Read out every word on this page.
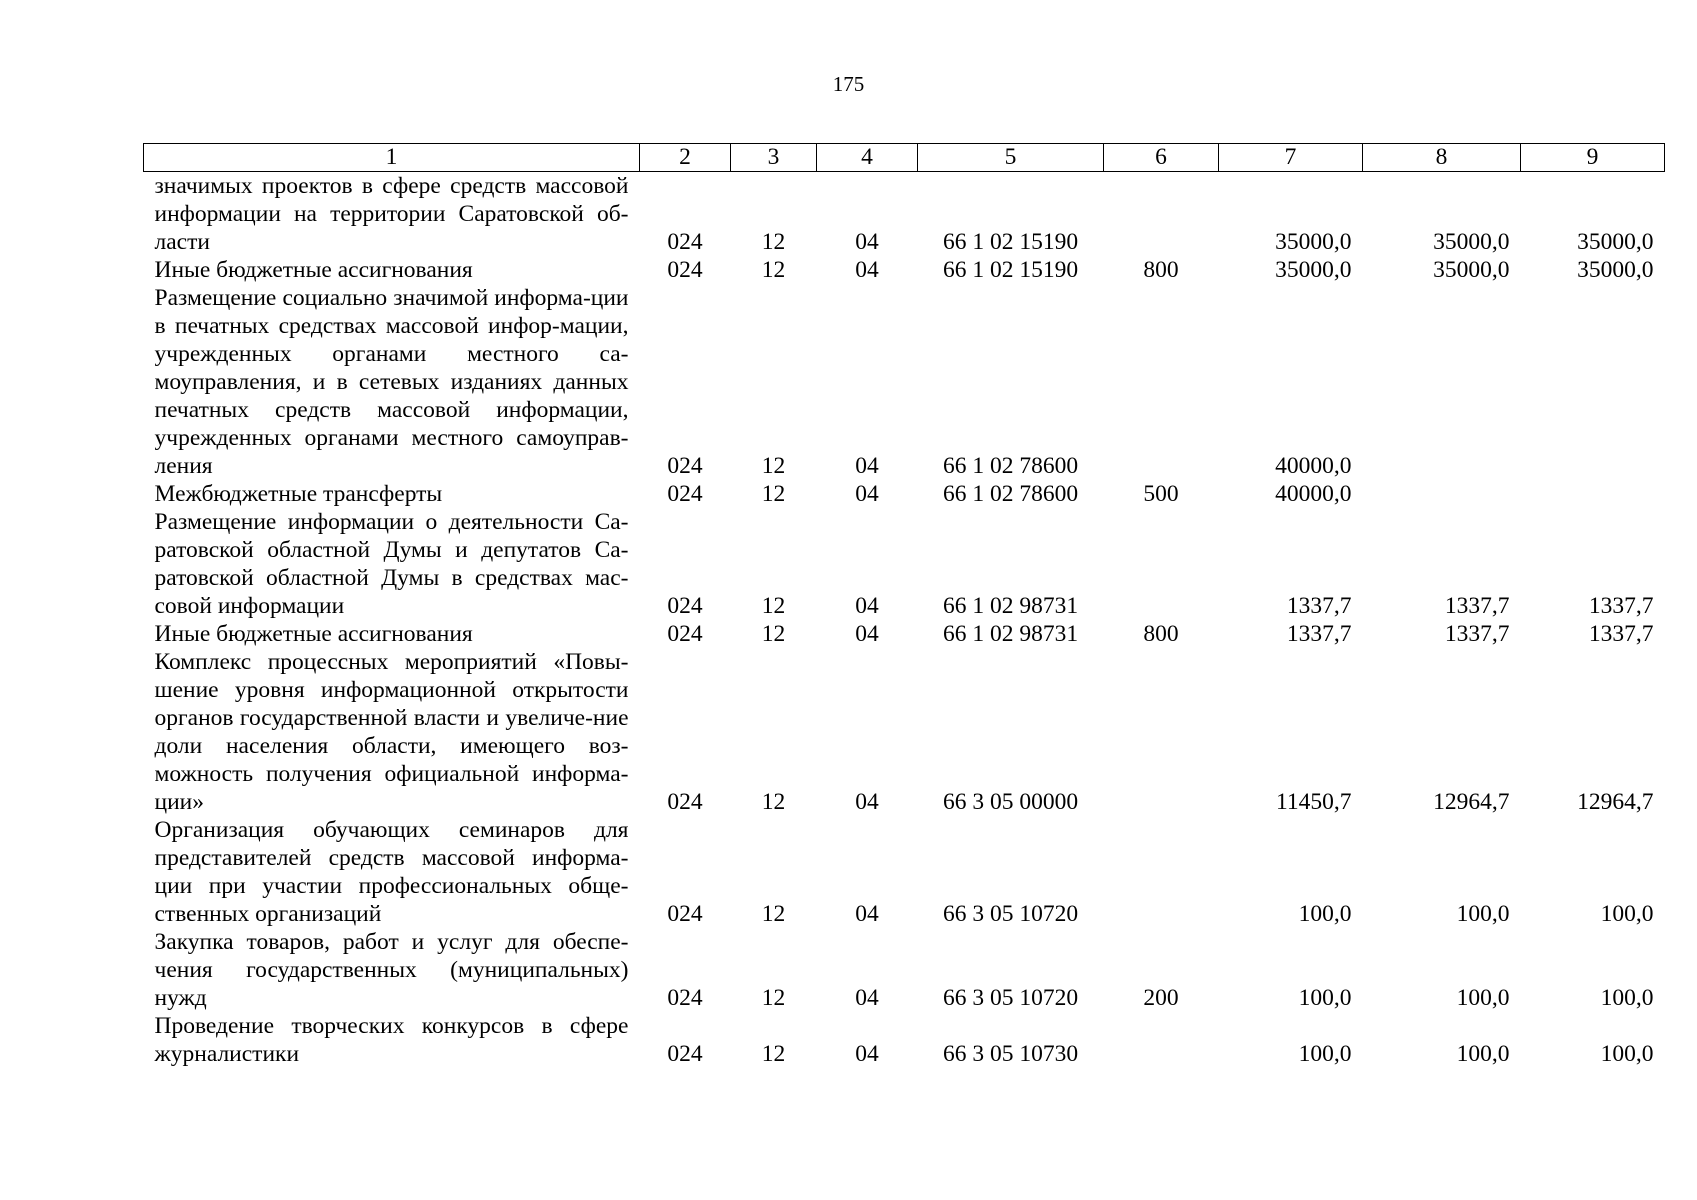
175
1	2	3	4	5	6	7	8	9
значимых проектов в сфере средств массовой информации на территории Саратовской об-ласти	024	12	04	66 1 02 15190		35000,0	35000,0	35000,0
Иные бюджетные ассигнования	024	12	04	66 1 02 15190	800	35000,0	35000,0	35000,0
Размещение социально значимой информа-ции в печатных средствах массовой инфор-мации, учрежденных органами местного са-моуправления, и в сетевых изданиях данных печатных средств массовой информации, учрежденных органами местного самоуправ-ления	024	12	04	66 1 02 78600		40000,0		
Межбюджетные трансферты	024	12	04	66 1 02 78600	500	40000,0		
Размещение информации о деятельности Са-ратовской областной Думы и депутатов Са-ратовской областной Думы в средствах мас-совой информации	024	12	04	66 1 02 98731		1337,7	1337,7	1337,7
Иные бюджетные ассигнования	024	12	04	66 1 02 98731	800	1337,7	1337,7	1337,7
Комплекс процессных мероприятий «Повы-шение уровня информационной открытости органов государственной власти и увеличе-ние доли населения области, имеющего воз-можность получения официальной информа-ции»	024	12	04	66 3 05 00000		11450,7	12964,7	12964,7
Организация обучающих семинаров для представителей средств массовой информа-ции при участии профессиональных обще-ственных организаций	024	12	04	66 3 05 10720		100,0	100,0	100,0
Закупка товаров, работ и услуг для обеспе-чения государственных (муниципальных) нужд	024	12	04	66 3 05 10720	200	100,0	100,0	100,0
Проведение творческих конкурсов в сфере журналистики	024	12	04	66 3 05 10730		100,0	100,0	100,0
